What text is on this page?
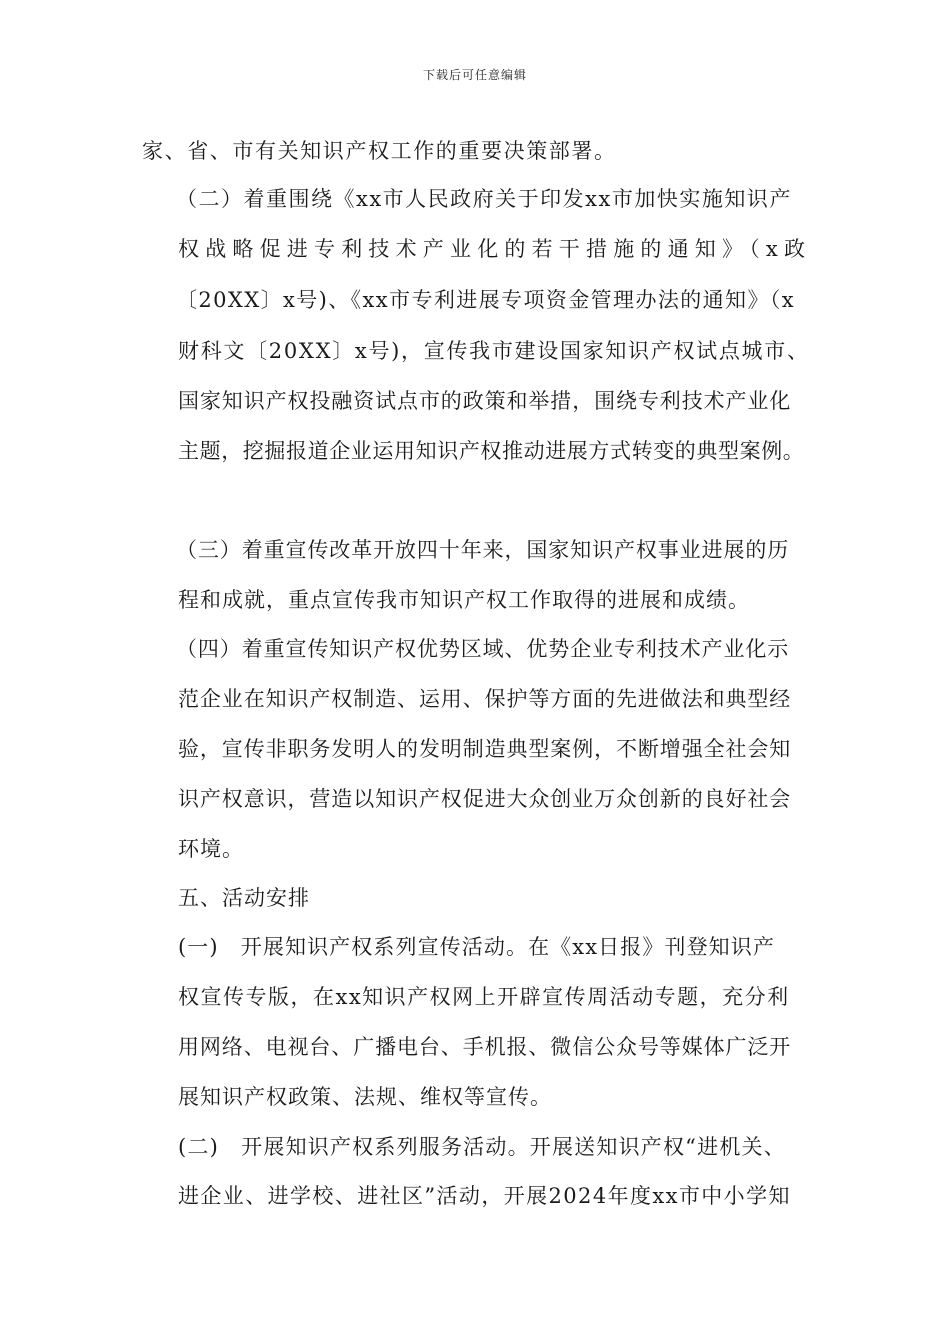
下载后可任意编辑
家、省、市有关知识产权工作的重要决策部署。
（二）着重围绕《xx市人民政府关于印发xx市加快实施知识产
权战略促进专利技术产业化的若干措施的通知》（x政
〔20XX〕x号)、《xx市专利进展专项资金管理办法的通知》（x
财科文〔20XX〕x号)，宣传我市建设国家知识产权试点城市、
国家知识产权投融资试点市的政策和举措，围绕专利技术产业化
主题，挖掘报道企业运用知识产权推动进展方式转变的典型案例。
（三）着重宣传改革开放四十年来，国家知识产权事业进展的历
程和成就，重点宣传我市知识产权工作取得的进展和成绩。
（四）着重宣传知识产权优势区域、优势企业专利技术产业化示
范企业在知识产权制造、运用、保护等方面的先进做法和典型经
验，宣传非职务发明人的发明制造典型案例，不断增强全社会知
识产权意识，营造以知识产权促进大众创业万众创新的良好社会
环境。
五、活动安排
(一)　开展知识产权系列宣传活动。在《xx日报》刊登知识产
权宣传专版，在xx知识产权网上开辟宣传周活动专题，充分利
用网络、电视台、广播电台、手机报、微信公众号等媒体广泛开
展知识产权政策、法规、维权等宣传。
(二)　开展知识产权系列服务活动。开展送知识产权“进机关、
进企业、进学校、进社区”活动，开展2024年度xx市中小学知
